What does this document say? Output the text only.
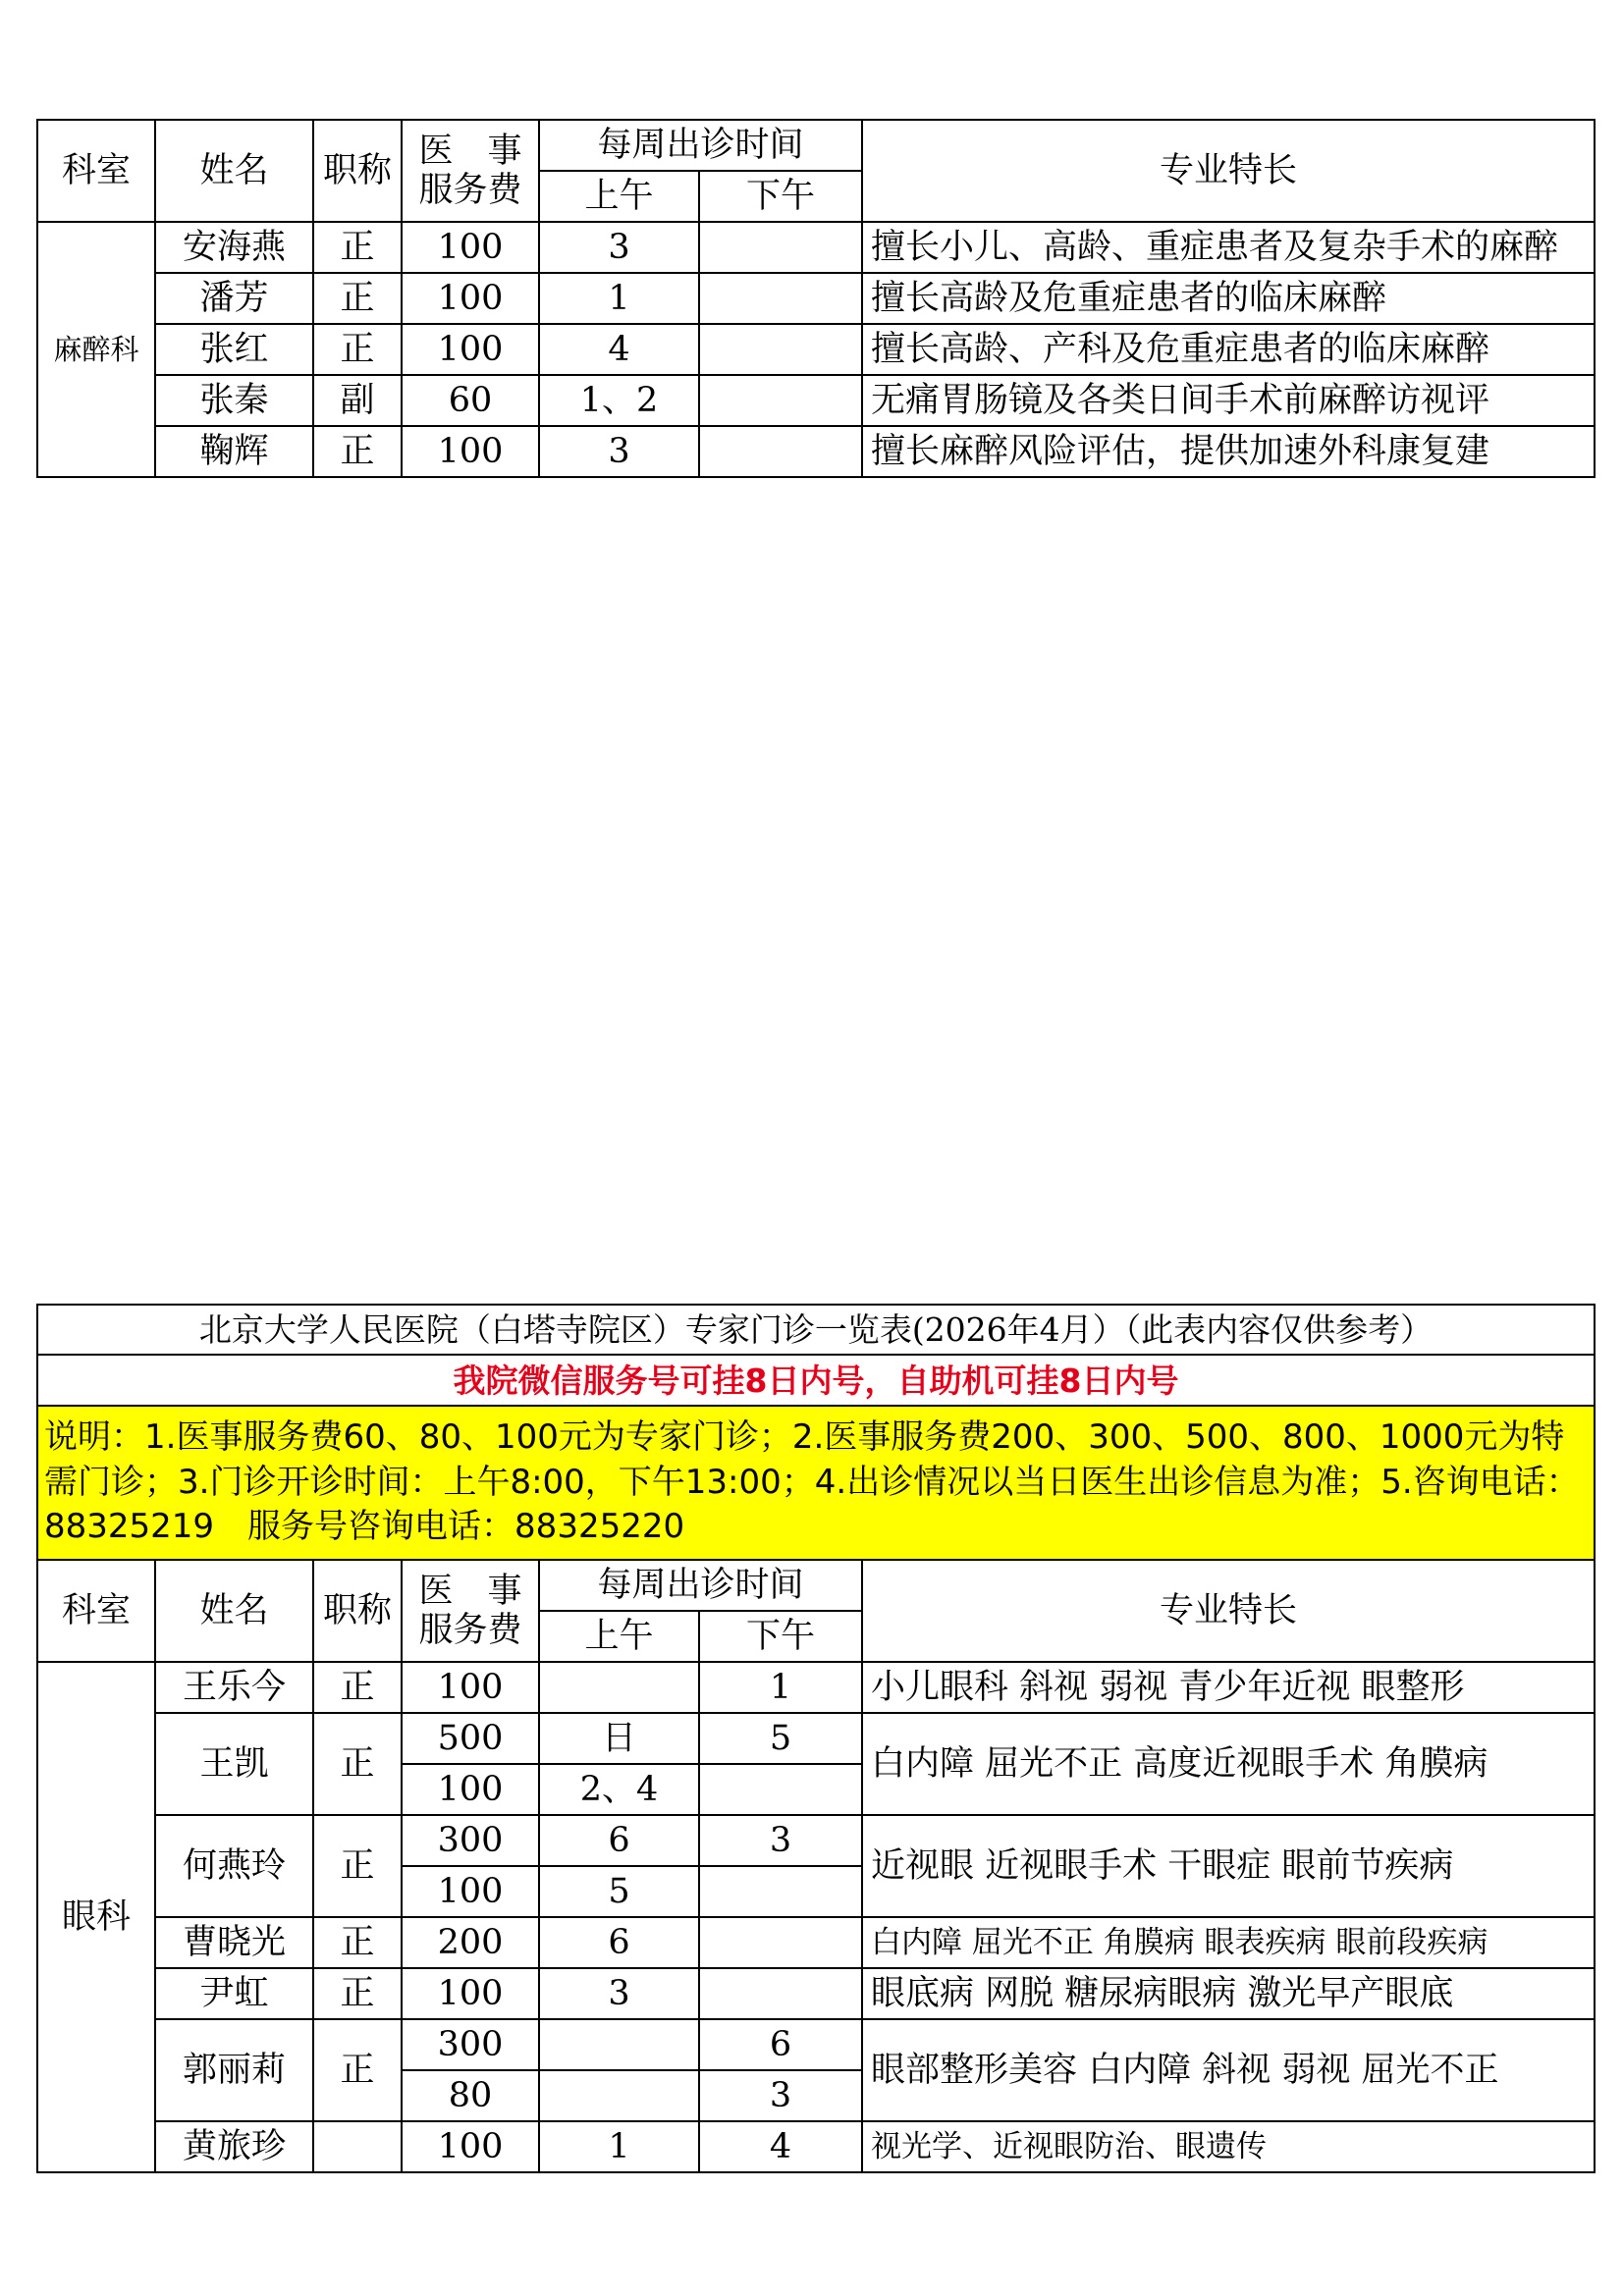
科室	姓名	职称	医　事
服务费	每周出诊时间		专业特长
				上午	下午	
麻醉科	安海燕	正	100	3		擅长小儿、高龄、重症患者及复杂手术的麻醉
	潘芳	正	100	1		擅长高龄及危重症患者的临床麻醉
	张红	正	100	4		擅长高龄、产科及危重症患者的临床麻醉
	张秦	副	60	1、2		无痛胃肠镜及各类日间手术前麻醉访视评
	鞠辉	正	100	3		擅长麻醉风险评估，提供加速外科康复建
北京大学人民医院（白塔寺院区）专家门诊一览表(2026年4月）（此表内容仅供参考）						
我院微信服务号可挂8日内号，自助机可挂8日内号						
说明：1.医事服务费60、80、100元为专家门诊；2.医事服务费200、300、500、800、1000元为特需门诊；3.门诊开诊时间：上午8:00，下午13:00；4.出诊情况以当日医生出诊信息为准；5.咨询电话：88325219　服务号咨询电话：88325220						
科室	姓名	职称	医　事
服务费	每周出诊时间		专业特长
				上午	下午	
眼科	王乐今	正	100		1	小儿眼科 斜视 弱视 青少年近视 眼整形
	王凯	正	500	日	5	白内障 屈光不正 高度近视眼手术 角膜病
			100	2、4		
	何燕玲	正	300	6	3	近视眼 近视眼手术 干眼症 眼前节疾病
			100	5		
	曹晓光	正	200	6		白内障 屈光不正 角膜病 眼表疾病 眼前段疾病
	尹虹	正	100	3		眼底病 网脱 糖尿病眼病 激光早产眼底
	郭丽莉	正	300		6	眼部整形美容 白内障 斜视 弱视 屈光不正
			80		3	
	黄旅珍		100	1	4	视光学、近视眼防治、眼遗传
